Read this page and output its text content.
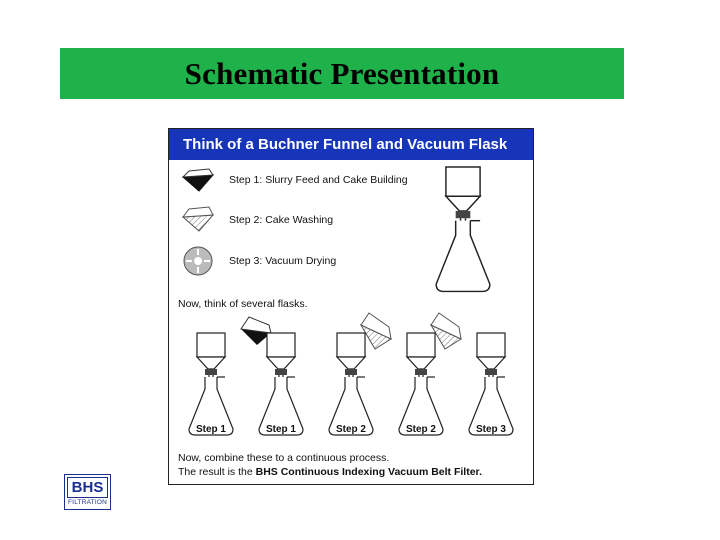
Schematic Presentation
Think of a Buchner Funnel and Vacuum Flask
Step 1: Slurry Feed and Cake Building
Step 2: Cake Washing
Step 3: Vacuum Drying
Now, think of several flasks.
Now, combine these to a continuous process.
The result is the BHS Continuous Indexing Vacuum Belt Filter.
Step 1	Step 1	Step 2	Step 2	Step 3
BHS
FILTRATION
